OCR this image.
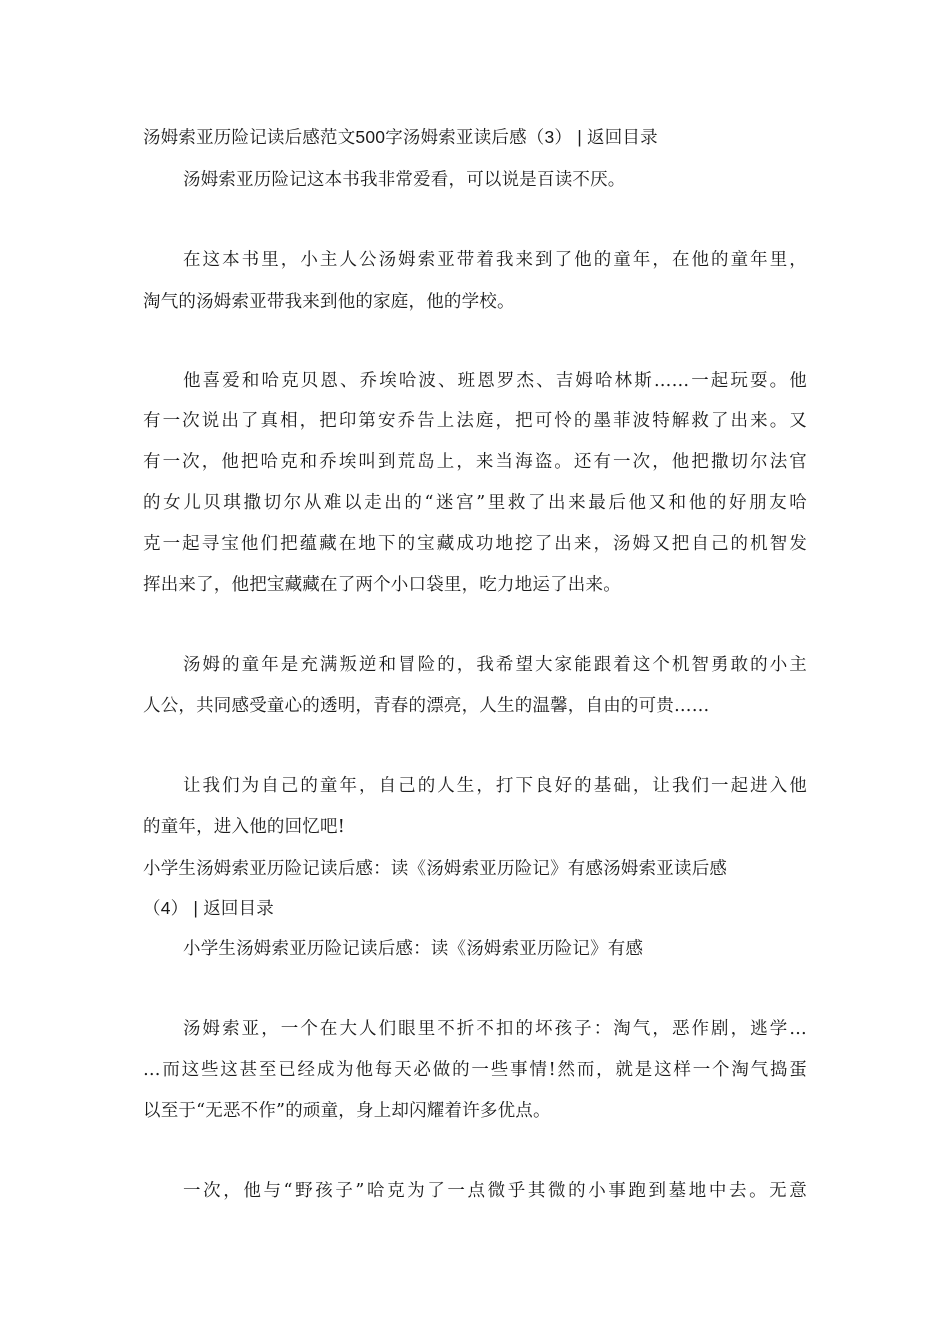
汤姆索亚历险记读后感范文500字汤姆索亚读后感（3） | 返回目录
汤姆索亚历险记这本书我非常爱看，可以说是百读不厌。
在这本书里，小主人公汤姆索亚带着我来到了他的童年，在他的童年里，
淘气的汤姆索亚带我来到他的家庭，他的学校。
他喜爱和哈克贝恩、乔埃哈波、班恩罗杰、吉姆哈林斯……一起玩耍。他
有一次说出了真相，把印第安乔告上法庭，把可怜的墨菲波特解救了出来。又
有一次，他把哈克和乔埃叫到荒岛上，来当海盗。还有一次，他把撒切尔法官
的女儿贝琪撒切尔从难以走出的“迷宫”里救了出来最后他又和他的好朋友哈
克一起寻宝他们把蕴藏在地下的宝藏成功地挖了出来，汤姆又把自己的机智发
挥出来了，他把宝藏藏在了两个小口袋里，吃力地运了出来。
汤姆的童年是充满叛逆和冒险的，我希望大家能跟着这个机智勇敢的小主
人公，共同感受童心的透明，青春的漂亮，人生的温馨，自由的可贵……
让我们为自己的童年，自己的人生，打下良好的基础，让我们一起进入他
的童年，进入他的回忆吧!
小学生汤姆索亚历险记读后感：读《汤姆索亚历险记》有感汤姆索亚读后感
（4） | 返回目录
小学生汤姆索亚历险记读后感：读《汤姆索亚历险记》有感
汤姆索亚，一个在大人们眼里不折不扣的坏孩子：淘气，恶作剧，逃学…
…而这些这甚至已经成为他每天必做的一些事情!然而，就是这样一个淘气捣蛋
以至于“无恶不作”的顽童，身上却闪耀着许多优点。
一次，他与“野孩子”哈克为了一点微乎其微的小事跑到墓地中去。无意
